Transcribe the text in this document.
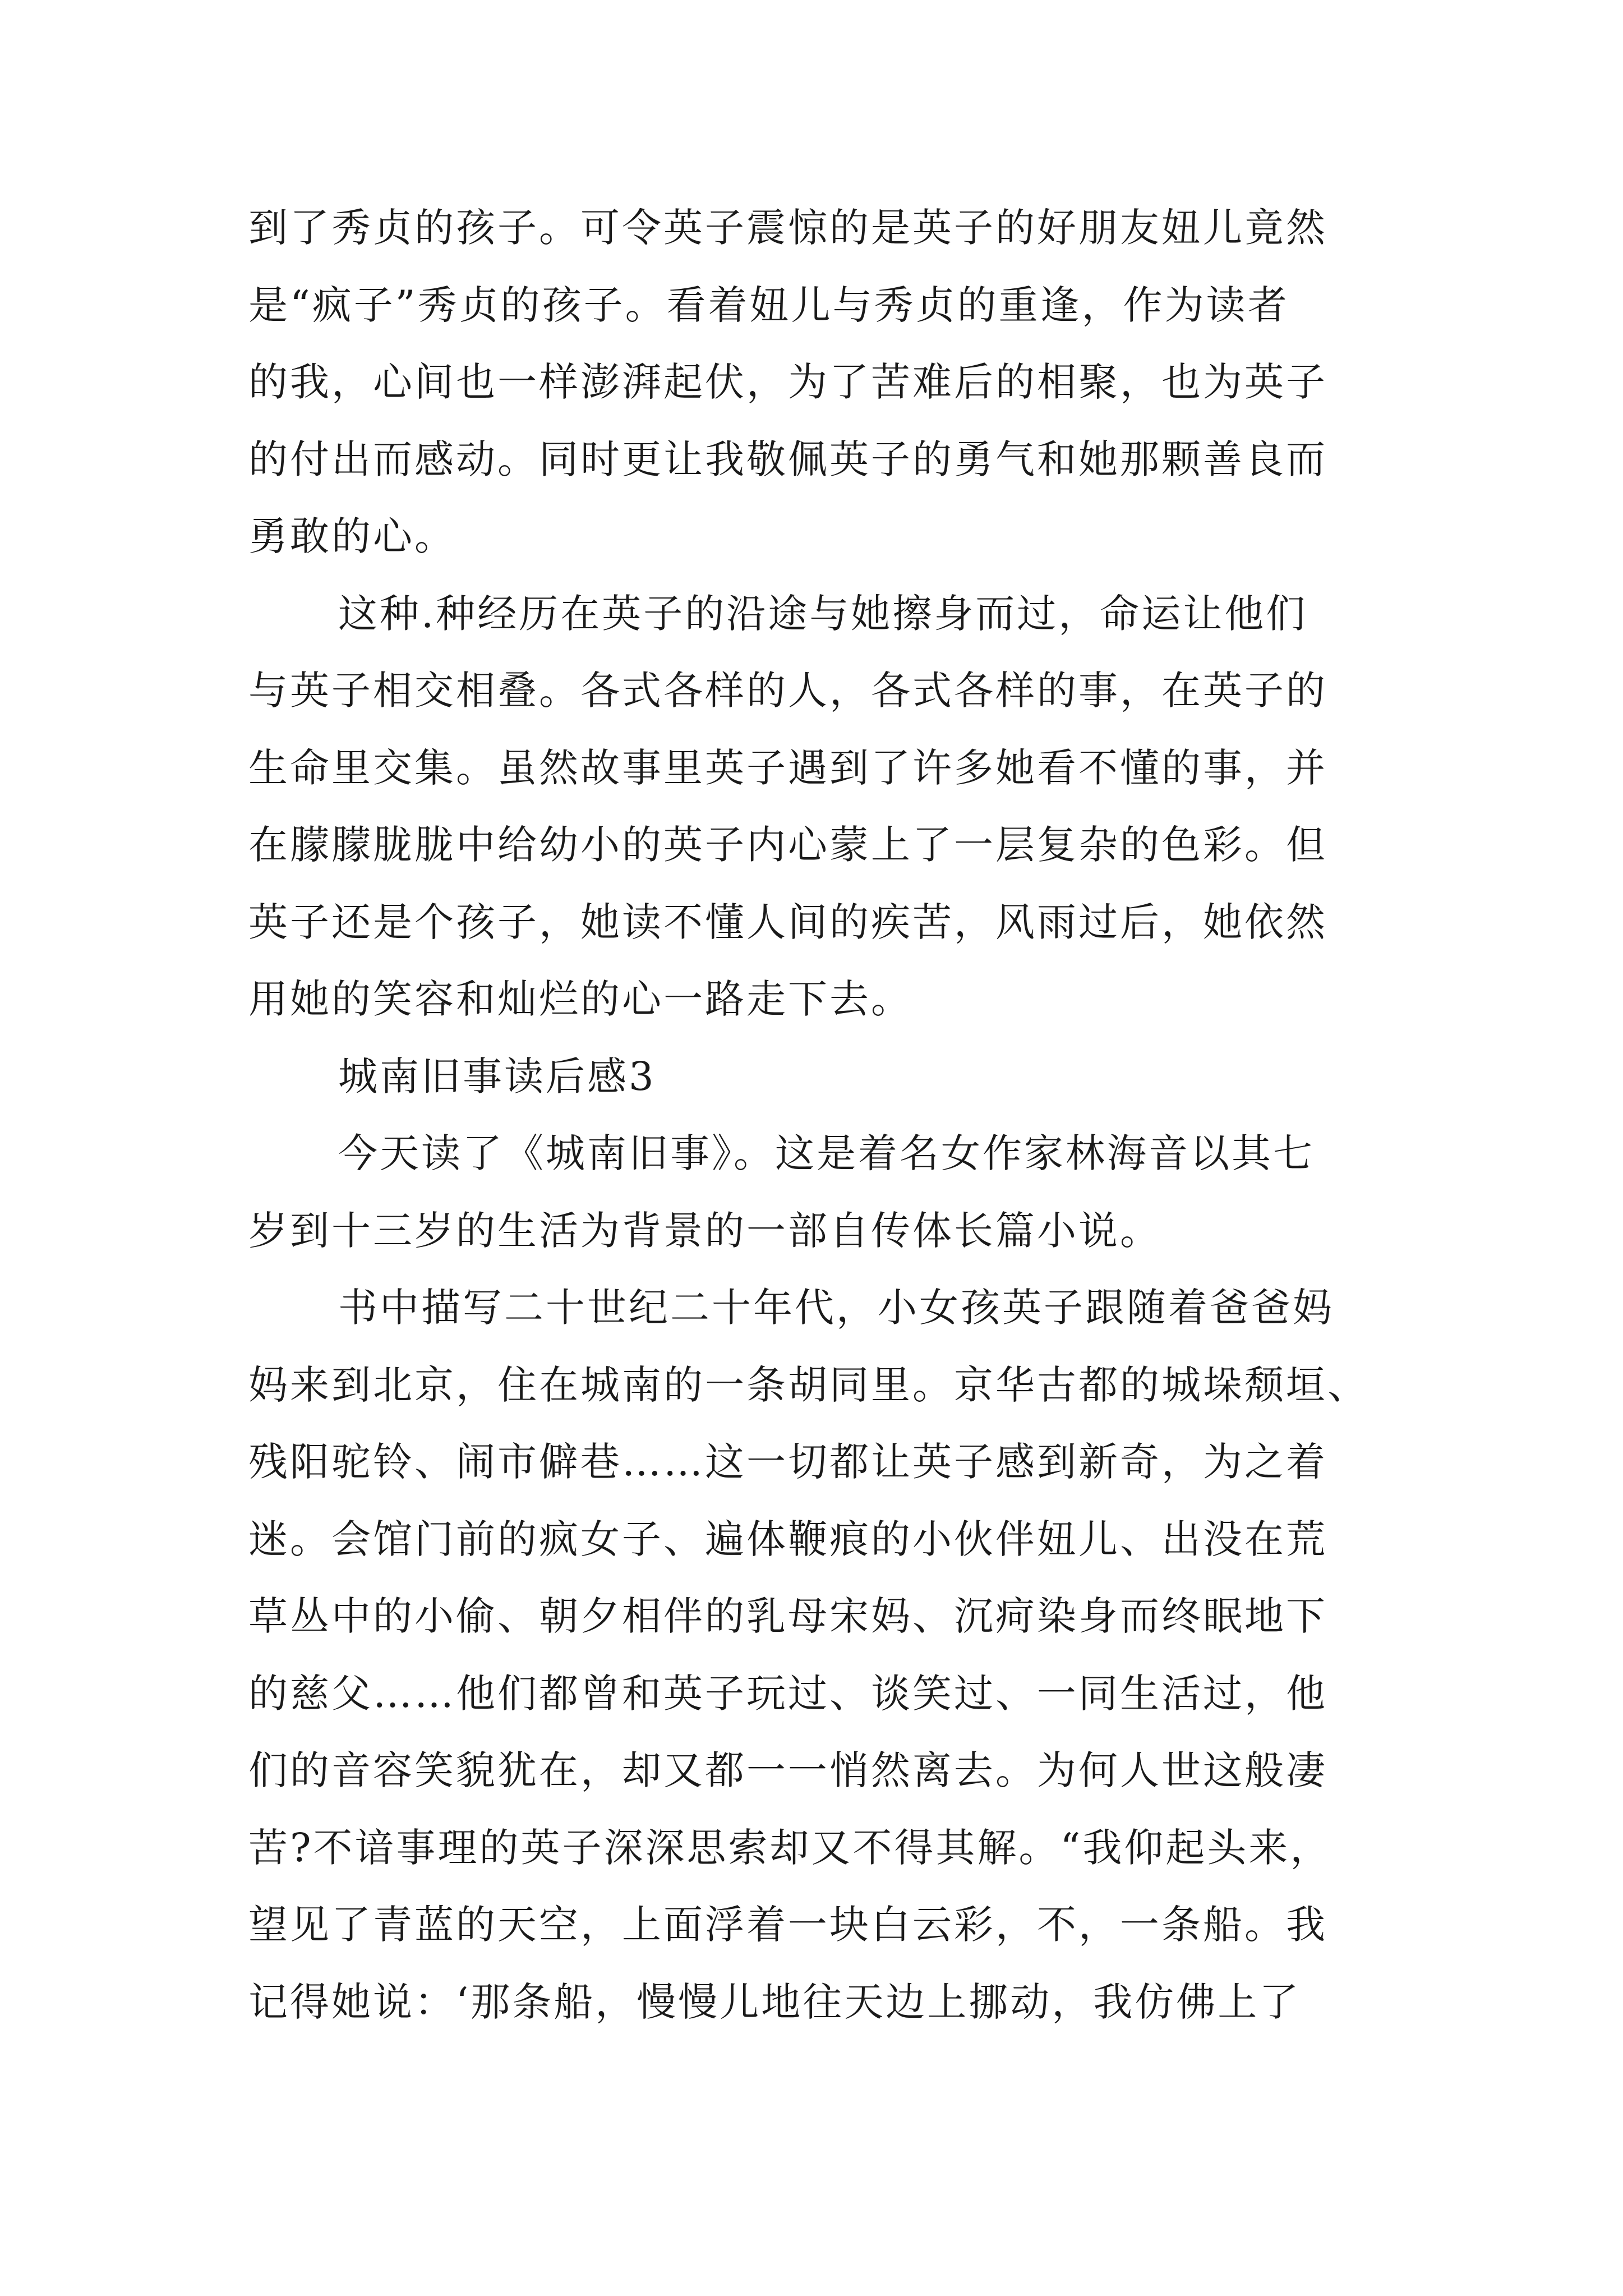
到了秀贞的孩子。可令英子震惊的是英子的好朋友妞儿竟然
是“疯子”秀贞的孩子。看着妞儿与秀贞的重逢，作为读者
的我，心间也一样澎湃起伏，为了苦难后的相聚，也为英子
的付出而感动。同时更让我敬佩英子的勇气和她那颗善良而
勇敢的心。
这种.种经历在英子的沿途与她擦身而过，命运让他们
与英子相交相叠。各式各样的人，各式各样的事，在英子的
生命里交集。虽然故事里英子遇到了许多她看不懂的事，并
在朦朦胧胧中给幼小的英子内心蒙上了一层复杂的色彩。但
英子还是个孩子，她读不懂人间的疾苦，风雨过后，她依然
用她的笑容和灿烂的心一路走下去。
城南旧事读后感3
今天读了《城南旧事》。这是着名女作家林海音以其七
岁到十三岁的生活为背景的一部自传体长篇小说。
书中描写二十世纪二十年代，小女孩英子跟随着爸爸妈
妈来到北京，住在城南的一条胡同里。京华古都的城垛颓垣、
残阳驼铃、闹市僻巷……这一切都让英子感到新奇，为之着
迷。会馆门前的疯女子、遍体鞭痕的小伙伴妞儿、出没在荒
草丛中的小偷、朝夕相伴的乳母宋妈、沉疴染身而终眠地下
的慈父……他们都曾和英子玩过、谈笑过、一同生活过，他
们的音容笑貌犹在，却又都一一悄然离去。为何人世这般凄
苦?不谙事理的英子深深思索却又不得其解。“我仰起头来，
望见了青蓝的天空，上面浮着一块白云彩，不，一条船。我
记得她说：‘那条船，慢慢儿地往天边上挪动，我仿佛上了
